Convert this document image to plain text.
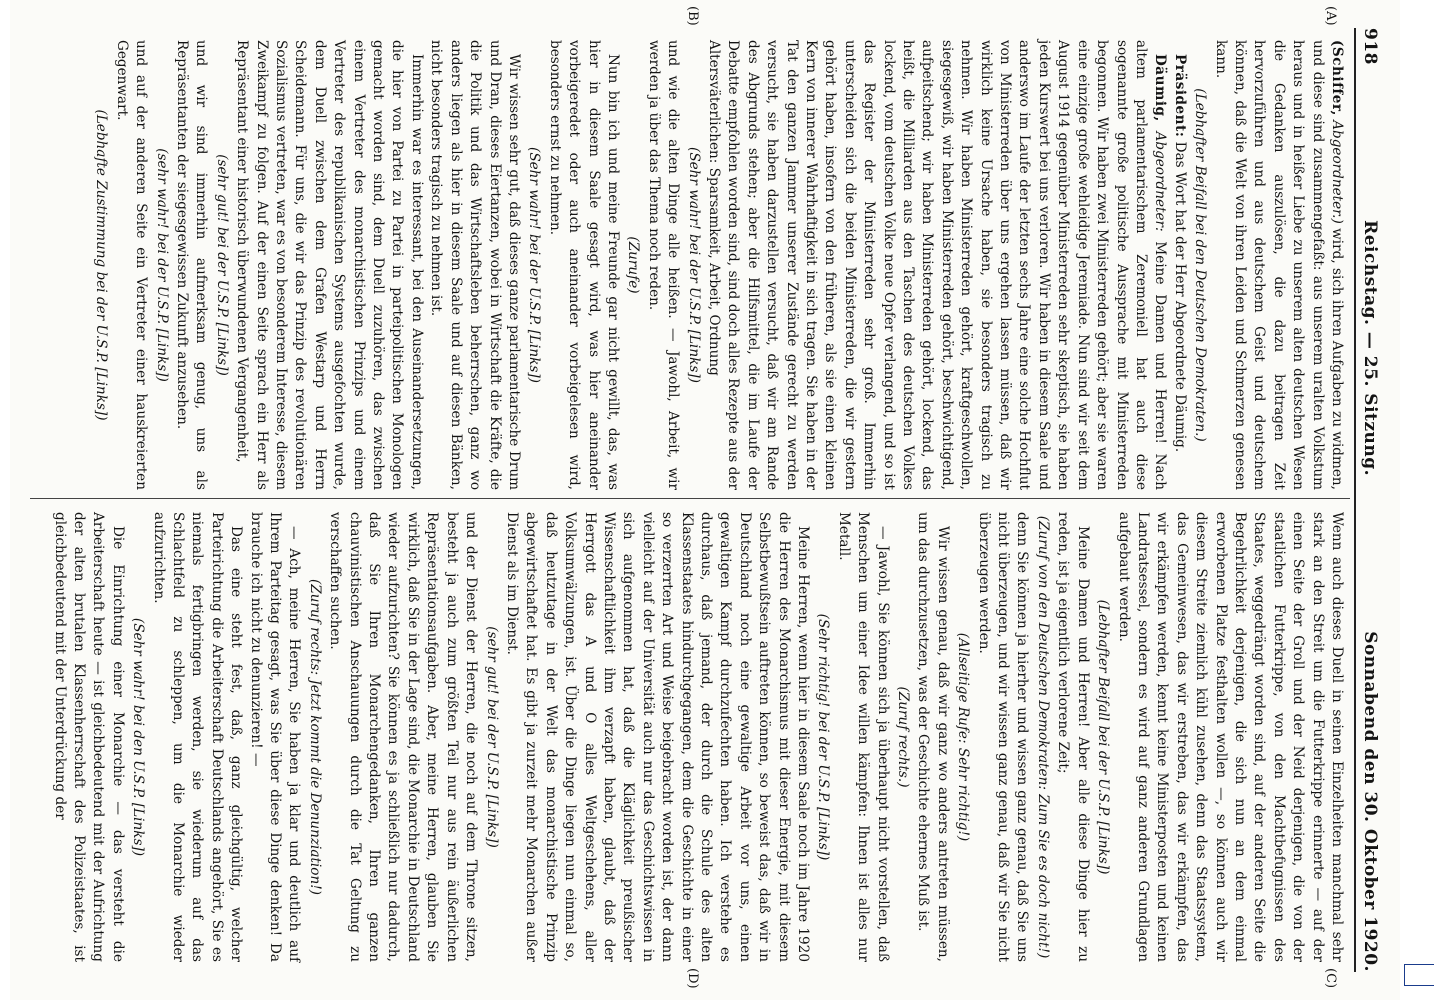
918
Reichstag. — 25. Sitzung.
Sonnabend den 30. Oktober 1920.
(A)
(B)
(C)
(D)

(Schiffer, Abgeordneter.) wird, sich ihren Aufgaben zu widmen, und diese sind zusammengefaßt: aus unserem uralten Volkstum heraus und in heißer Liebe zu unserem alten deutschen Wesen die Gedanken auszulösen, die dazu beitragen Zeit hervorzuführen und aus deutschem Geist und deutschem können, daß die Welt von ihren Leiden und Schmerzen genesen kann.

(Lebhafter Beifall bei den Deutschen Demokraten.)

Präsident: Das Wort hat der Herr Abgeordnete Däumig.

Däumig, Abgeordneter: Meine Damen und Herren! Nach altem parlamentarischem Zeremoniell hat auch diese sogenannte große politische Aussprache mit Ministerreden begonnen. Wir haben zwei Ministerreden gehört; aber sie waren eine einzige große wehleidige Jeremiade. Nun sind wir seit dem August 1914 gegenüber Ministerreden sehr skeptisch, sie haben jeden Kurswert bei uns verloren. Wir haben in diesem Saale und anderswo im Laufe der letzten sechs Jahre eine solche Hochflut von Ministerreden über uns ergehen lassen müssen, daß wir wirklich keine Ursache haben, sie besonders tragisch zu nehmen. Wir haben Ministerreden gehört, kraftgeschwollen, siegesgewiß, wir haben Ministerreden gehört, beschwichtigend, aufpeitschend; wir haben Ministerreden gehört, lockend, das heißt, die Milliarden aus den Taschen des deutschen Volkes lockend, vom deutschen Volke neue Opfer verlangend, und so ist das Register der Ministerreden sehr groß. Immerhin unterscheiden sich die beiden Ministerreden, die wir gestern gehört haben, insofern von den früheren, als sie einen kleinen Kern von innerer Wahrhaftigkeit in sich tragen. Sie haben in der Tat den ganzen Jammer unserer Zustände gerecht zu werden versucht, sie haben darzustellen versucht, daß wir am Rande des Abgrunds stehen; aber die Hilfsmittel, die im Laufe der Debatte empfohlen worden sind, sind doch alles Rezepte aus der Altersväterlichen: Sparsamkeit, Arbeit, Ordnung

(Sehr wahr! bei der U.S.P. [Links])

und wie die alten Dinge alle heißen. — Jawohl, Arbeit, wir werden ja über das Thema noch reden.

(Zurufe)

Nun bin ich und meine Freunde gar nicht gewillt, das, was hier in diesem Saale gesagt wird, was hier aneinander vorbeigeredet oder auch aneinander vorbeigelesen wird, besonders ernst zu nehmen.

(Sehr wahr! bei der U.S.P. [Links])

Wir wissen sehr gut, daß dieses ganze parlamentarische Drum und Dran, dieses Eiertanzen, wobei in Wirtschaft die Kräfte, die die Politik und das Wirtschaftsleben beherrschen, ganz wo anders liegen als hier in diesem Saale und auf diesen Bänken, nicht besonders tragisch zu nehmen ist.

Immerhin war es interessant, bei den Auseinandersetzungen, die hier von Partei zu Partei in parteipolitischen Monologen gemacht worden sind, dem Duell zuzuhören, das zwischen einem Vertreter des monarchistischen Prinzips und einem Vertreter des republikanischen Systems ausgefochten wurde, dem Duell zwischen dem Grafen Westarp und Herrn Scheidemann. Für uns, die wir das Prinzip des revolutionären Sozialismus vertreten, war es von besonderem Interesse, diesem Zweikampf zu folgen. Auf der einen Seite sprach ein Herr als Repräsentant einer historisch überwundenen Vergangenheit,

(sehr gut! bei der U.S.P. [Links])

und wir sind immerhin aufmerksam genug, uns als Repräsentanten der siegesgewissen Zukunft anzusehen.

(sehr wahr! bei der U.S.P. [Links])

und auf der anderen Seite ein Vertreter einer hauskreierten Gegenwart.

(Lebhafte Zustimmung bei der U.S.P. [Links])

Wenn auch dieses Duell in seinen Einzelheiten manchmal sehr stark an den Streit um die Futterkrippe erinnerte — auf der einen Seite der Groll und der Neid derjenigen, die von der staatlichen Futterkrippe, von den Machtbefugnissen des Staates, weggedrängt worden sind, auf der anderen Seite die Begehrlichkeit derjenigen, die sich nun an dem einmal erworbenen Platze festhalten wollen —, so können auch wir diesem Streite ziemlich kühl zusehen, denn das Staatssystem, das Gemeinwesen, das wir erstreben, das wir erkämpfen, das wir erkämpfen werden, kennt keine Ministerposten und keinen Landratsessel, sondern es wird auf ganz anderen Grundlagen aufgebaut werden.

(Lebhafter Beifall bei der U.S.P. [Links])

Meine Damen und Herren! Aber alle diese Dinge hier zu reden, ist ja eigentlich verlorene Zeit;

(Zuruf von den Deutschen Demokraten: Zum Sie es doch nicht!)

denn Sie können ja hierher und wissen ganz genau, daß Sie uns nicht überzeugen, und wir wissen ganz genau, daß wir Sie nicht überzeugen werden.

(Allseitige Rufe: Sehr richtig!)

Wir wissen genau, daß wir ganz wo anders antreten müssen, um das durchzusetzen, was der Geschichte ehernes Muß ist.

(Zuruf rechts.)

— Jawohl, Sie können sich ja überhaupt nicht vorstellen, daß Menschen um einer Idee willen kämpfen: Ihnen ist alles nur Metall.

(Sehr richtig! bei der U.S.P. [Links])

Meine Herren, wenn hier in diesem Saale noch im Jahre 1920 die Herren des Monarchismus mit dieser Energie, mit diesem Selbstbewußtsein auftreten können, so beweist das, daß wir in Deutschland noch eine gewaltige Arbeit vor uns, einen gewaltigen Kampf durchzufechten haben. Ich verstehe es durchaus, daß jemand, der durch die Schule des alten Klassenstaates hindurchgegangen, dem die Geschichte in einer so verzerrten Art und Weise beigebracht worden ist, der dann vielleicht auf der Universität auch nur das Geschichtswissen in sich aufgenommen hat, daß die Kläglichkeit preußischer Wissenschaftlichkeit ihm verzapft haben, glaubt, daß der Herrgott das A und O alles Weltgeschehens, aller Volksumwälzungen, ist. Über die Dinge liegen nun einmal so, daß heutzutage in der Welt das monarchistische Prinzip abgewirtschaftet hat. Es gibt ja zurzeit mehr Monarchen außer Dienst als im Dienst.

(sehr gut! bei der U.S.P. [Links])

und der Dienst der Herren, die noch auf dem Throne sitzen, besteht ja auch zum größten Teil nur aus rein äußerlichen Repräsentationsaufgaben. Aber, meine Herren, glauben Sie wirklich, daß Sie in der Lage sind, die Monarchie in Deutschland wieder aufzurichten? Sie können es ja schließlich nur dadurch, daß Sie Ihren Monarchengedanken, Ihren ganzen chauvinistischen Anschauungen durch die Tat Geltung zu verschaffen suchen.

(Zuruf rechts: Jetzt kommt die Denunziation!)

— Ach, meine Herren, Sie haben ja klar und deutlich auf Ihrem Parteitag gesagt, was Sie über diese Dinge denken! Da brauche ich nicht zu denunzieren! —

Das eine steht fest, daß, ganz gleichgültig, welcher Parteirichtung die Arbeiterschaft Deutschlands angehört, Sie es niemals fertigbringen werden, sie wiederum auf das Schlachtfeld zu schleppen, um die Monarchie wieder aufzurichten.

(Sehr wahr! bei den U.S.P. [Links])

Die Einrichtung einer Monarchie — das versteht die Arbeiterschaft heute — ist gleichbedeutend mit der Aufrichtung der alten brutalen Klassenherrschaft des Polizeistaates, ist gleichbedeutend mit der Unterdrückung der
